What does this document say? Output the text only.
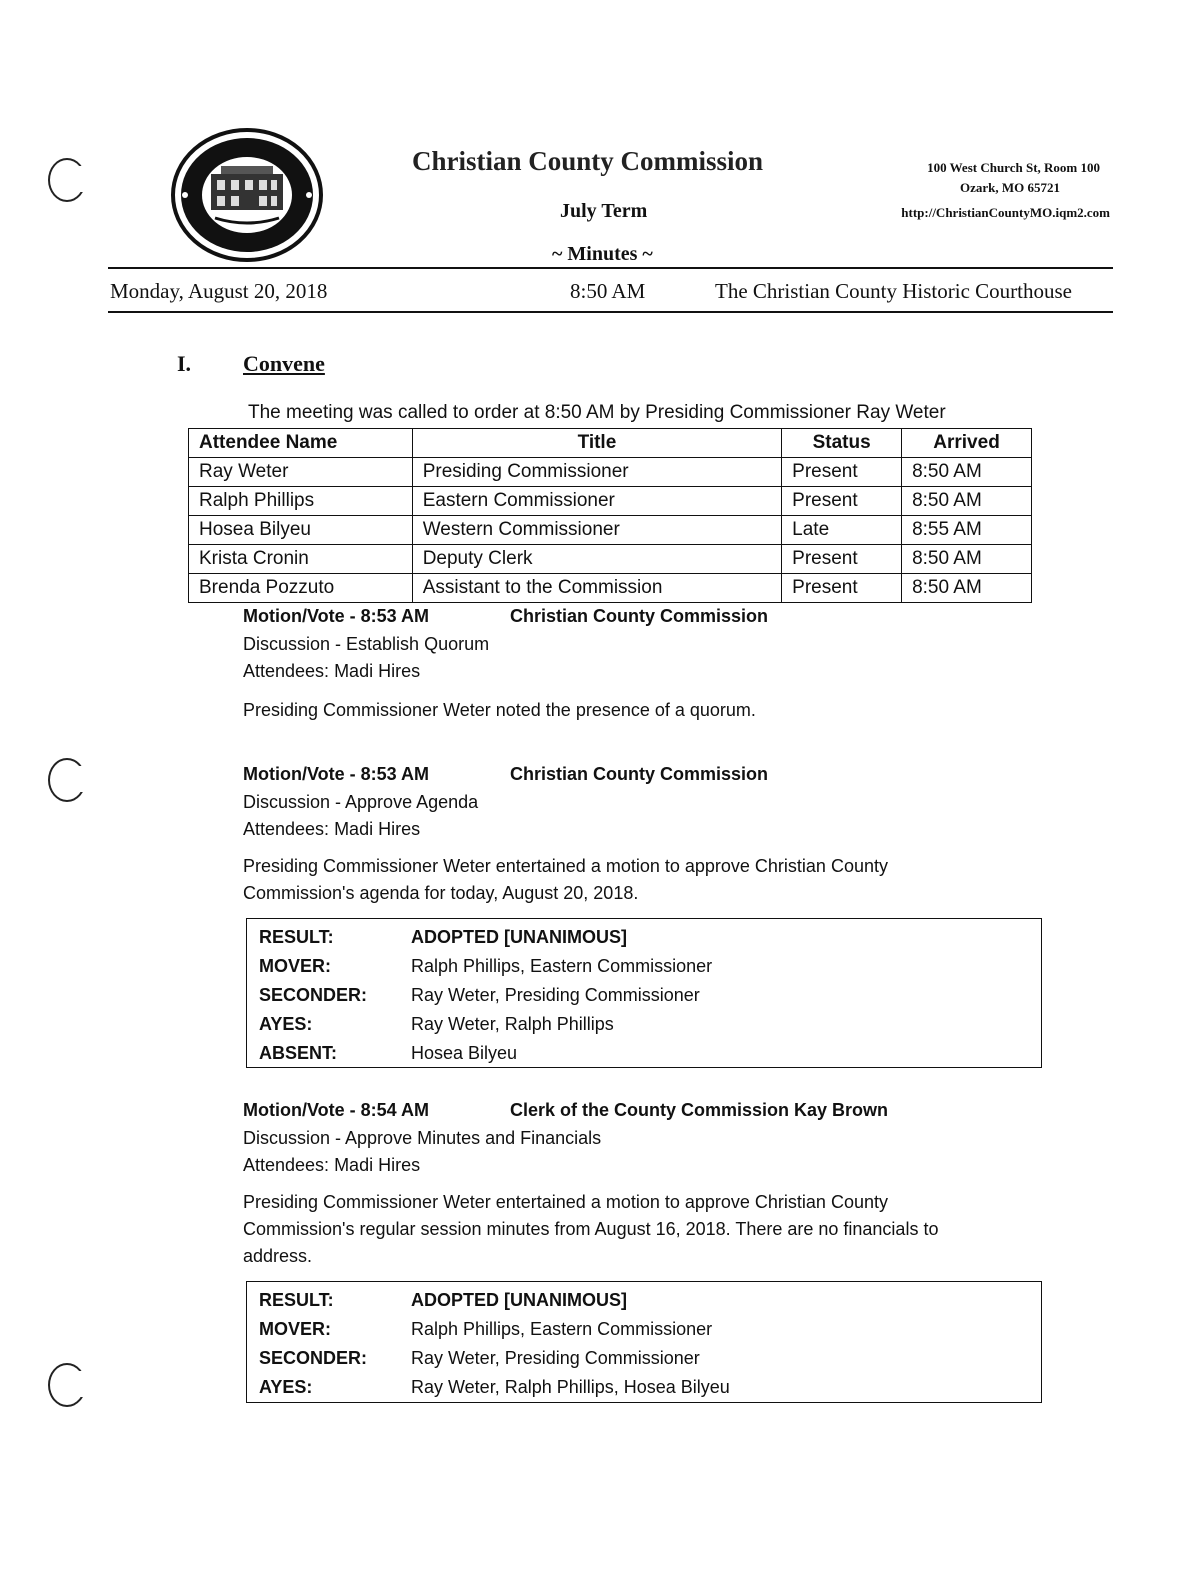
Christian County Commission
July Term
~ Minutes ~
100 West Church St, Room 100
Ozark, MO 65721
http://ChristianCountyMO.iqm2.com
Monday, August 20, 2018	8:50 AM	The Christian County Historic Courthouse
I. Convene
The meeting was called to order at 8:50 AM by Presiding Commissioner Ray Weter
Attendee Name	Title	Status	Arrived
Ray Weter	Presiding Commissioner	Present	8:50 AM
Ralph Phillips	Eastern Commissioner	Present	8:50 AM
Hosea Bilyeu	Western Commissioner	Late	8:55 AM
Krista Cronin	Deputy Clerk	Present	8:50 AM
Brenda Pozzuto	Assistant to the Commission	Present	8:50 AM
Motion/Vote - 8:53 AM	Christian County Commission
Discussion - Establish Quorum
Attendees: Madi Hires
Presiding Commissioner Weter noted the presence of a quorum.
Motion/Vote - 8:53 AM	Christian County Commission
Discussion - Approve Agenda
Attendees: Madi Hires
Presiding Commissioner Weter entertained a motion to approve Christian County
Commission's agenda for today, August 20, 2018.
RESULT:	ADOPTED [UNANIMOUS]
MOVER:	Ralph Phillips, Eastern Commissioner
SECONDER: Ray Weter, Presiding Commissioner
AYES:	Ray Weter, Ralph Phillips
ABSENT:	Hosea Bilyeu
Motion/Vote - 8:54 AM	Clerk of the County Commission Kay Brown
Discussion - Approve Minutes and Financials
Attendees: Madi Hires
Presiding Commissioner Weter entertained a motion to approve Christian County
Commission's regular session minutes from August 16, 2018. There are no financials to
address.
RESULT:	ADOPTED [UNANIMOUS]
MOVER:	Ralph Phillips, Eastern Commissioner
SECONDER: Ray Weter, Presiding Commissioner
AYES:	Ray Weter, Ralph Phillips, Hosea Bilyeu
